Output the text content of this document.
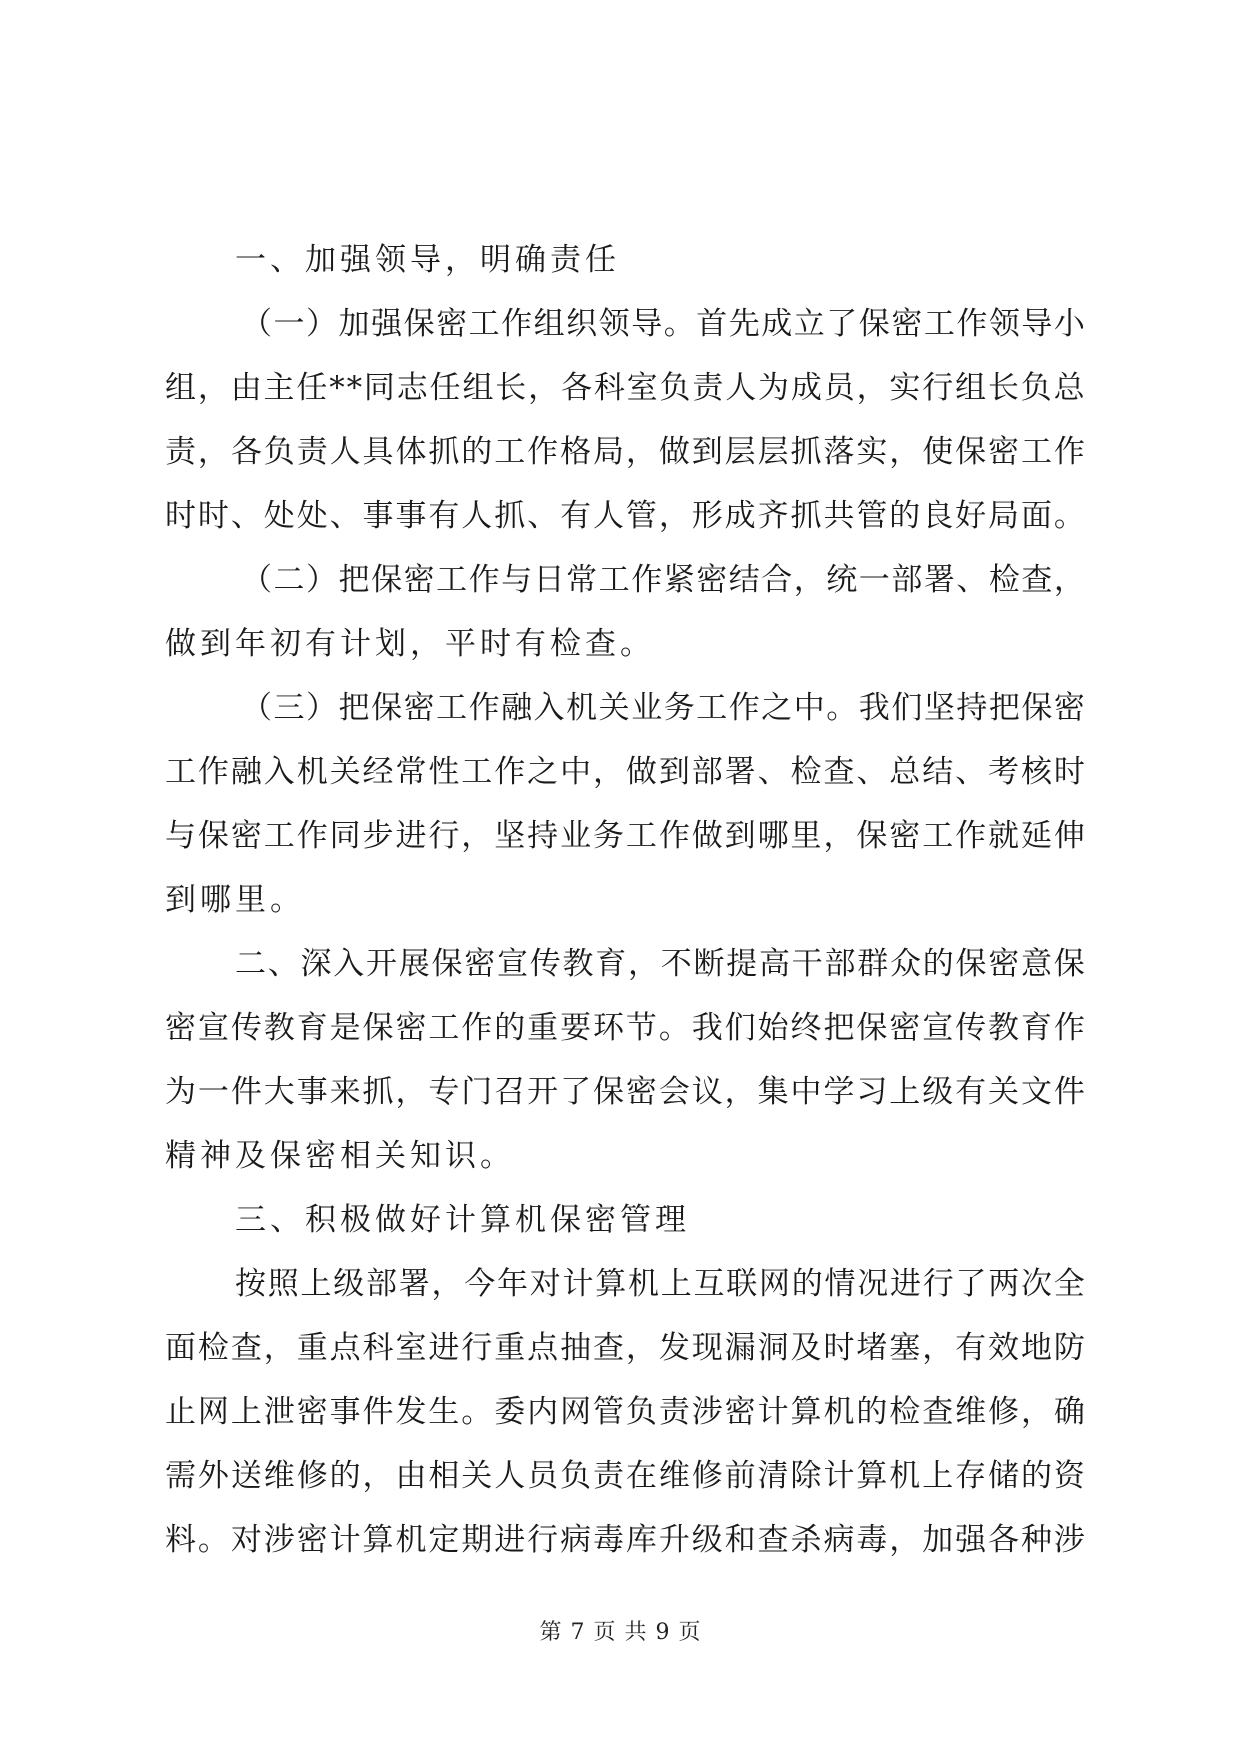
一、加强领导，明确责任
（ 一 ） 加 强 保 密 工 作 组 织 领 导 。 首 先 成 立 了 保 密 工 作 领 导 小
组 ， 由 主 任 * * 同 志 任 组 长 ， 各 科 室 负 责 人 为 成 员 ， 实 行 组 长 负 总
责 ， 各 负 责 人 具 体 抓 的 工 作 格 局 ， 做 到 层 层 抓 落 实 ， 使 保 密 工 作
时 时 、 处 处 、 事 事 有 人 抓 、 有 人 管 ， 形 成 齐 抓 共 管 的 良 好 局 面 。
（ 二 ） 把 保 密 工 作 与 日 常 工 作 紧 密 结 合 ， 统 一 部 署 、 检 查 ，
做到年初有计划，平时有检查。
（ 三 ） 把 保 密 工 作 融 入 机 关 业 务 工 作 之 中 。 我 们 坚 持 把 保 密
工 作 融 入 机 关 经 常 性 工 作 之 中 ， 做 到 部 署 、 检 查 、 总 结 、 考 核 时
与 保 密 工 作 同 步 进 行 ， 坚 持 业 务 工 作 做 到 哪 里 ， 保 密 工 作 就 延 伸
到哪里。
二 、 深 入 开 展 保 密 宣 传 教 育 ， 不 断 提 高 干 部 群 众 的 保 密 意 保
密 宣 传 教 育 是 保 密 工 作 的 重 要 环 节 。 我 们 始 终 把 保 密 宣 传 教 育 作
为 一 件 大 事 来 抓 ， 专 门 召 开 了 保 密 会 议 ， 集 中 学 习 上 级 有 关 文 件
精神及保密相关知识。
三、积极做好计算机保密管理
按 照 上 级 部 署 ， 今 年 对 计 算 机 上 互 联 网 的 情 况 进 行 了 两 次 全
面 检 查 ， 重 点 科 室 进 行 重 点 抽 查 ， 发 现 漏 洞 及 时 堵 塞 ， 有 效 地 防
止 网 上 泄 密 事 件 发 生 。 委 内 网 管 负 责 涉 密 计 算 机 的 检 查 维 修 ， 确
需 外 送 维 修 的 ， 由 相 关 人 员 负 责 在 维 修 前 清 除 计 算 机 上 存 储 的 资
料 。 对 涉 密 计 算 机 定 期 进 行 病 毒 库 升 级 和 查 杀 病 毒 ， 加 强 各 种 涉
第 7 页 共 9 页
